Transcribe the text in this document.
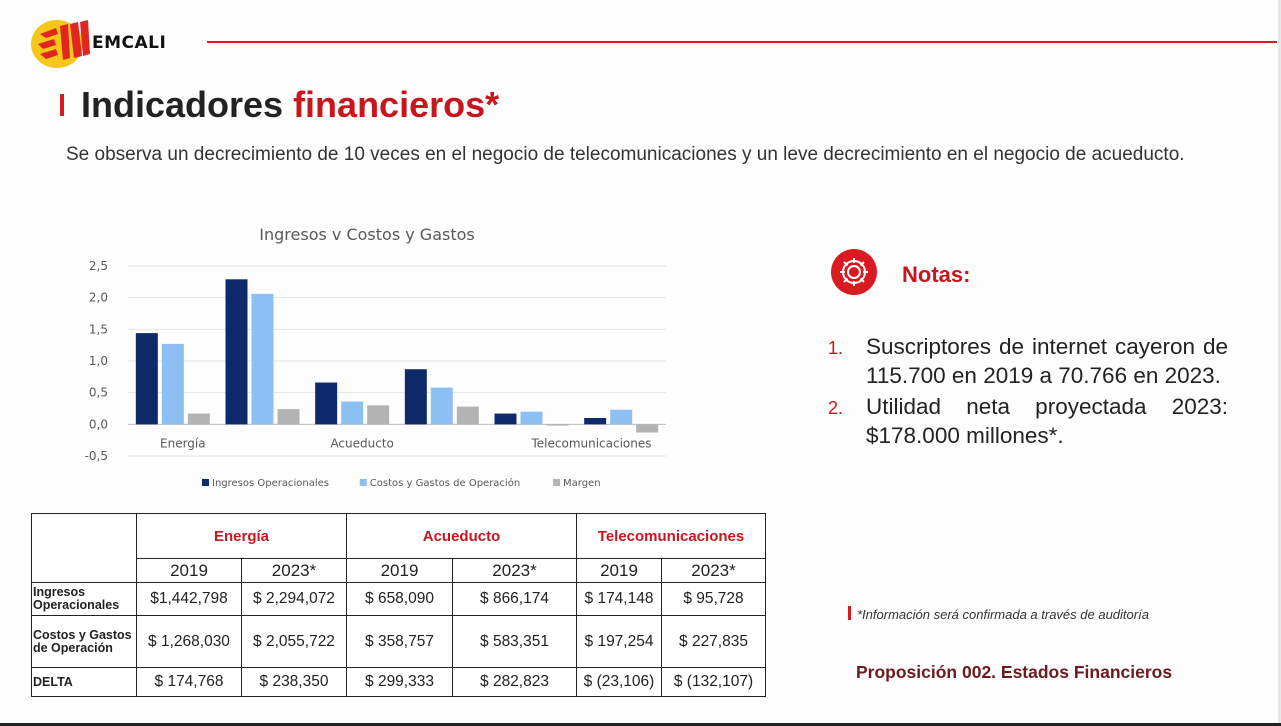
EMCALI
Indicadores financieros*
Se observa un decrecimiento de 10 veces en el negocio de telecomunicaciones y un leve decrecimiento en el negocio de acueducto.
Ingresos v Costos y Gastos
2,5
2,0
1,5
1,0
0,5
0,0
-0,5
Energía	Acueducto	Telecomunicaciones
Ingresos Operacionales	Costos y Gastos de Operación	Margen
Notas:
1. Suscriptores de internet cayeron de 115.700 en 2019 a 70.766 en 2023.
2. Utilidad neta proyectada 2023: $178.000 millones*.
*Información será confirmada a través de auditoría
Proposición 002. Estados Financieros
	Energía		Acueducto		Telecomunicaciones	
	2019	2023*	2019	2023*	2019	2023*
Ingresos Operacionales	$1,442,798	$ 2,294,072	$ 658,090	$ 866,174	$ 174,148	$ 95,728
Costos y Gastos de Operación	$ 1,268,030	$ 2,055,722	$ 358,757	$ 583,351	$ 197,254	$ 227,835
DELTA	$ 174,768	$ 238,350	$ 299,333	$ 282,823	$ (23,106)	$ (132,107)
